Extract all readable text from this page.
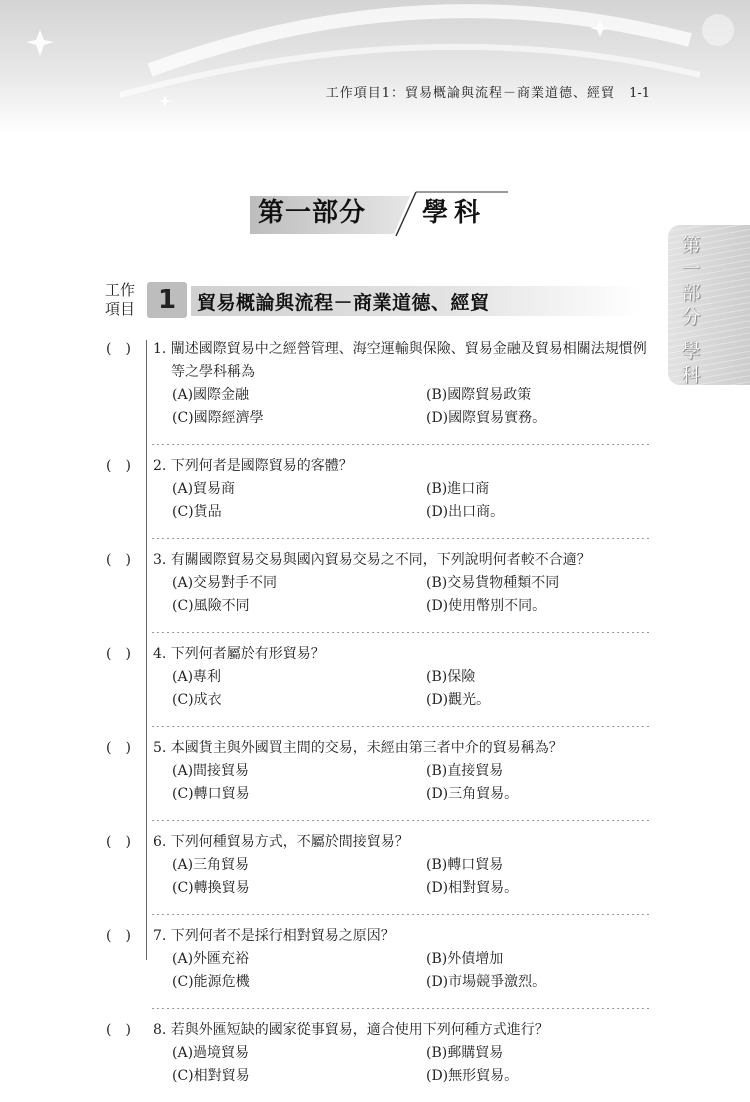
工作項目1：貿易概論與流程－商業道德、經貿 1-1
第一部分 學科
第一部分
學科
工作項目 1	貿易概論與流程－商業道德、經貿
(　) 1. 闡述國際貿易中之經營管理、海空運輸與保險、貿易金融及貿易相關法規慣例等之學科稱為
(A)國際金融	(B)國際貿易政策
(C)國際經濟學	(D)國際貿易實務。
(　) 2. 下列何者是國際貿易的客體？
(A)貿易商	(B)進口商
(C)貨品	(D)出口商。
(　) 3. 有關國際貿易交易與國內貿易交易之不同，下列說明何者較不合適？
(A)交易對手不同	(B)交易貨物種類不同
(C)風險不同	(D)使用幣別不同。
(　) 4. 下列何者屬於有形貿易？
(A)專利	(B)保險
(C)成衣	(D)觀光。
(　) 5. 本國貨主與外國買主間的交易，未經由第三者中介的貿易稱為？
(A)間接貿易	(B)直接貿易
(C)轉口貿易	(D)三角貿易。
(　) 6. 下列何種貿易方式，不屬於間接貿易？
(A)三角貿易	(B)轉口貿易
(C)轉換貿易	(D)相對貿易。
(　) 7. 下列何者不是採行相對貿易之原因？
(A)外匯充裕	(B)外債增加
(C)能源危機	(D)市場競爭激烈。
(　) 8. 若與外匯短缺的國家從事貿易，適合使用下列何種方式進行？
(A)過境貿易	(B)郵購貿易
(C)相對貿易	(D)無形貿易。
